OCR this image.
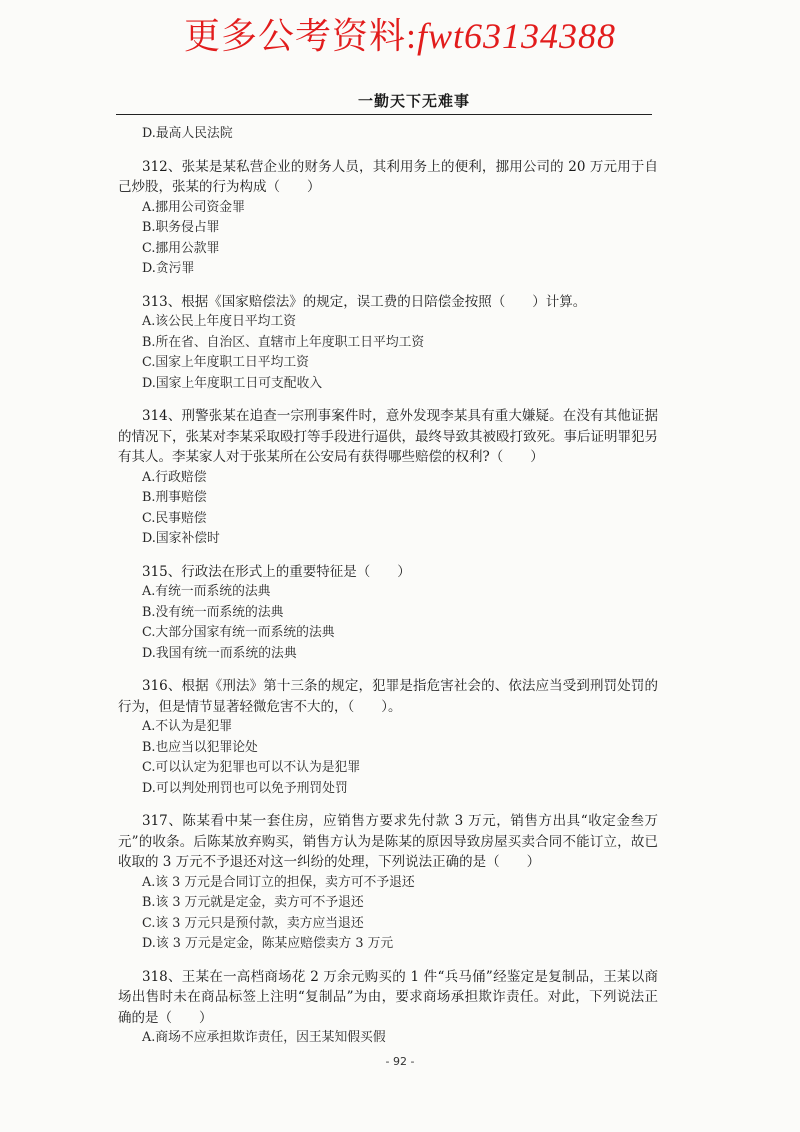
更多公考资料:fwt63134388
一勤天下无难事

D.最高人民法院

312、张某是某私营企业的财务人员，其利用务上的便利，挪用公司的 20 万元用于自己炒股，张某的行为构成（　　）

A.挪用公司资金罪

B.职务侵占罪

C.挪用公款罪

D.贪污罪

313、根据《国家赔偿法》的规定，误工费的日陪偿金按照（　　）计算。

A.该公民上年度日平均工资

B.所在省、自治区、直辖市上年度职工日平均工资

C.国家上年度职工日平均工资

D.国家上年度职工日可支配收入

314、刑警张某在追查一宗刑事案件时，意外发现李某具有重大嫌疑。在没有其他证据的情况下，张某对李某采取殴打等手段进行逼供，最终导致其被殴打致死。事后证明罪犯另有其人。李某家人对于张某所在公安局有获得哪些赔偿的权利?（　　）

A.行政赔偿

B.刑事赔偿

C.民事赔偿

D.国家补偿时

315、行政法在形式上的重要特征是（　　）

A.有统一而系统的法典

B.没有统一而系统的法典

C.大部分国家有统一而系统的法典

D.我国有统一而系统的法典

316、根据《刑法》第十三条的规定，犯罪是指危害社会的、依法应当受到刑罚处罚的行为，但是情节显著轻微危害不大的，（　　）。

A.不认为是犯罪

B.也应当以犯罪论处

C.可以认定为犯罪也可以不认为是犯罪

D.可以判处刑罚也可以免予刑罚处罚

317、陈某看中某一套住房，应销售方要求先付款 3 万元，销售方出具“收定金叁万元”的收条。后陈某放弃购买，销售方认为是陈某的原因导致房屋买卖合同不能订立，故已收取的 3 万元不予退还对这一纠纷的处理，下列说法正确的是（　　）

A.该 3 万元是合同订立的担保，卖方可不予退还

B.该 3 万元就是定金，卖方可不予退还

C.该 3 万元只是预付款，卖方应当退还

D.该 3 万元是定金，陈某应赔偿卖方 3 万元

318、王某在一高档商场花 2 万余元购买的 1 件“兵马俑”经鉴定是复制品，王某以商场出售时未在商品标签上注明“复制品”为由，要求商场承担欺诈责任。对此，下列说法正确的是（　　）

A.商场不应承担欺诈责任，因王某知假买假

- 92 -
